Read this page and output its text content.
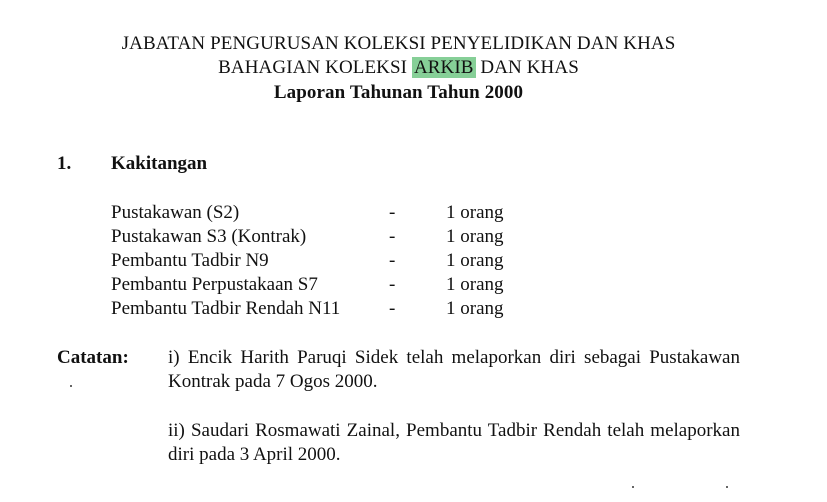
JABATAN PENGURUSAN KOLEKSI PENYELIDIKAN DAN KHAS
BAHAGIAN KOLEKSI ARKIB DAN KHAS
Laporan Tahunan Tahun 2000
1. Kakitangan
Pustakawan (S2)	-	1 orang
Pustakawan S3 (Kontrak)	-	1 orang
Pembantu Tadbir N9	-	1 orang
Pembantu Perpustakaan S7	-	1 orang
Pembantu Tadbir Rendah N11	-	1 orang
Catatan: i) Encik Harith Paruqi Sidek telah melaporkan diri sebagai Pustakawan Kontrak pada 7 Ogos 2000.
ii) Saudari Rosmawati Zainal, Pembantu Tadbir Rendah telah melaporkan diri pada 3 April 2000.
